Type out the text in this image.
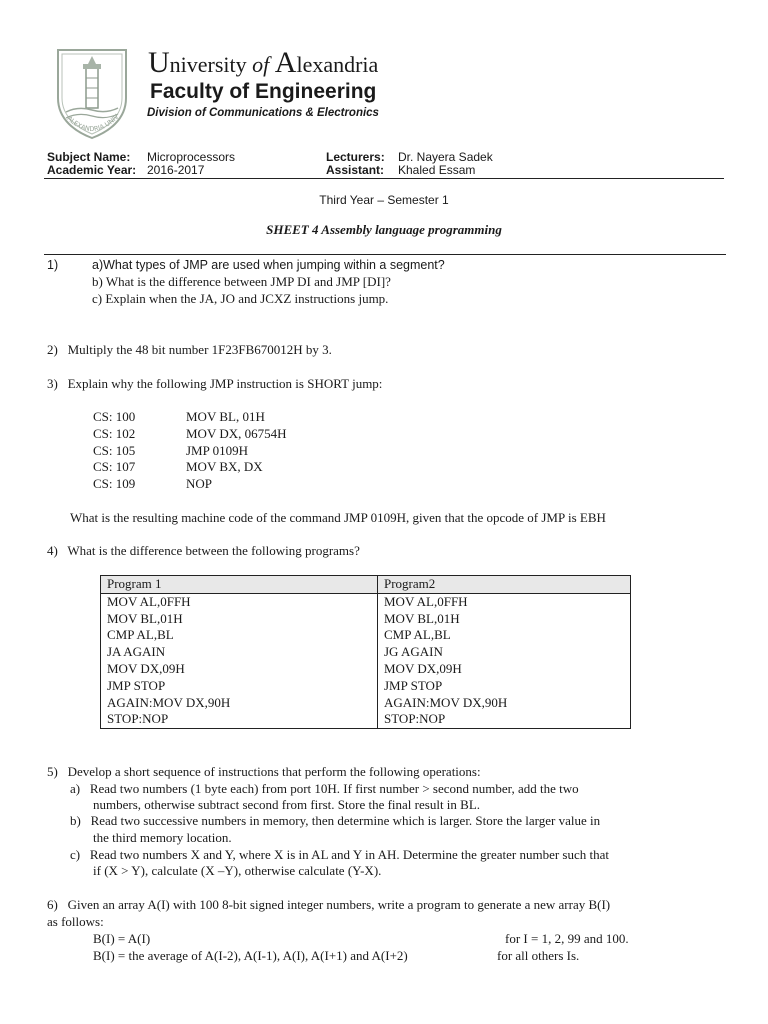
ALEXANDRIA UNIV
University of Alexandria
Faculty of Engineering
Division of Communications & Electronics
Subject Name: Microprocessors
Academic Year: 2016-2017
Lecturers: Dr. Nayera Sadek
Assistant: Khaled Essam
Third Year – Semester 1
SHEET 4 Assembly language programming
1)	a)What types of JMP are used when jumping within a segment?
b) What is the difference between JMP DI and JMP [DI]?
c) Explain when the JA, JO and JCXZ instructions jump.
2)   Multiply the 48 bit number 1F23FB670012H by 3.
3)   Explain why the following JMP instruction is SHORT jump:
CS: 100	MOV BL, 01H
CS: 102	MOV DX, 06754H
CS: 105	JMP 0109H
CS: 107	MOV BX, DX
CS: 109	NOP
What is the resulting machine code of the command JMP 0109H, given that the opcode of JMP is EBH
4)   What is the difference between the following programs?
Program 1	Program2
MOV AL,0FFH	MOV AL,0FFH
MOV BL,01H	MOV BL,01H
CMP AL,BL	CMP AL,BL
JA AGAIN	JG AGAIN
MOV DX,09H	MOV DX,09H
JMP STOP	JMP STOP
AGAIN:MOV DX,90H	AGAIN:MOV DX,90H
STOP:NOP	STOP:NOP
5)   Develop a short sequence of instructions that perform the following operations:
a)   Read two numbers (1 byte each) from port 10H. If first number > second number, add the two
numbers, otherwise subtract second from first. Store the final result in BL.
b)   Read two successive numbers in memory, then determine which is larger. Store the larger value in
the third memory location.
c)   Read two numbers X and Y, where X is in AL and Y in AH. Determine the greater number such that
if (X > Y), calculate (X –Y), otherwise calculate (Y-X).
6)   Given an array A(I) with 100 8-bit signed integer numbers, write a program to generate a new array B(I)
as follows:
B(I) = A(I)	for I = 1, 2, 99 and 100.
B(I) = the average of A(I-2), A(I-1), A(I), A(I+1) and A(I+2)	for all others Is.
